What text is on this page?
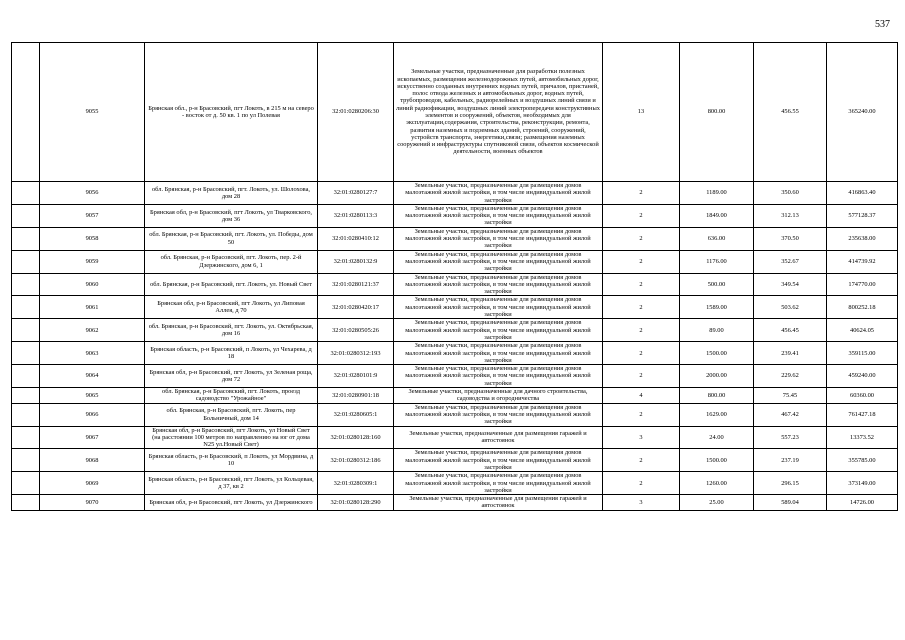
537
	9055	Брянская обл., р-н Брасовский, пгт Локоть, в 215 м на северо - восток от д. 50 кв. 1 по ул Полевая	32:01:0280206:30	Земельные участки, предназначенные для разработки полезных ископаемых, размещения железнодорожных путей, автомобильных дорог, искусственно созданных внутренних водных путей, причалов, пристаней, полос отвода железных и автомобильных дорог, водных путей, трубопроводов, кабельных, радиорелейных и воздушных линий связи и линий радиофикации, воздушных линий электропередачи конструктивных элементов и сооружений, объектов, необходимых для эксплуатации,содержания, строительства, реконструкции, ремонта, развития наземных и подземных зданий, строений, сооружений, устройств транспорта, энергетики,связи; размещения наземных сооружений и инфраструктуры спутниковой связи, объектов космической деятельности, военных объектов	13	800.00	456.55	365240.00
	9056	обл. Брянская, р-н Брасовский, пгт. Локоть, ул. Шолохова, дом 28	32:01:0280127:7	Земельные участки, предназначенные для размещения домов малоэтажной жилой застройки, в том числе индивидуальной жилой застройки	2	1189.00	350.60	416863.40
	9057	Брянская обл, р-н Брасовский, пгт Локоть, ул Тварковского, дом 36	32:01:0280113:3	Земельные участки, предназначенные для размещения домов малоэтажной жилой застройки, в том числе индивидуальной жилой застройки	2	1849.00	312.13	577128.37
	9058	обл. Брянская, р-н Брасовский, пгт. Локоть, ул. Победы, дом 50	32:01:0280410:12	Земельные участки, предназначенные для размещения домов малоэтажной жилой застройки, в том числе индивидуальной жилой застройки	2	636.00	370.50	235638.00
	9059	обл. Брянская, р-н Брасовский, пгт. Локоть, пер. 2-й Дзержинского, дом 6, 1	32:01:0280132:9	Земельные участки, предназначенные для размещения домов малоэтажной жилой застройки, в том числе индивидуальной жилой застройки	2	1176.00	352.67	414739.92
	9060	обл. Брянская, р-н Брасовский, пгт. Локоть, ул. Новый Свет	32:01:0280121:37	Земельные участки, предназначенные для размещения домов малоэтажной жилой застройки, в том числе индивидуальной жилой застройки	2	500.00	349.54	174770.00
	9061	Брянская обл, р-н Брасовский, пгт Локоть, ул Липовая Аллея, д 70	32:01:0280420:17	Земельные участки, предназначенные для размещения домов малоэтажной жилой застройки, в том числе индивидуальной жилой застройки	2	1589.00	503.62	800252.18
	9062	обл. Брянская, р-н Брасовский, пгт. Локоть, ул. Октябрьская, дом 16	32:01:0280505:26	Земельные участки, предназначенные для размещения домов малоэтажной жилой застройки, в том числе индивидуальной жилой застройки	2	89.00	456.45	40624.05
	9063	Брянская область, р-н Брасовский, п Локоть, ул Чехарева, д 18	32:01:0280312:193	Земельные участки, предназначенные для размещения домов малоэтажной жилой застройки, в том числе индивидуальной жилой застройки	2	1500.00	239.41	359115.00
	9064	Брянская обл, р-н Брасовский, пгт Локоть, ул Зеленая роща, дом 72	32:01:0280101:9	Земельные участки, предназначенные для размещения домов малоэтажной жилой застройки, в том числе индивидуальной жилой застройки	2	2000.00	229.62	459240.00
	9065	обл. Брянская, р-н Брасовский, пгт. Локоть, проезд садоводство "Урожайное"	32:01:0280901:18	Земельные участки, предназначенные для дачного строительства, садоводства и огородничества	4	800.00	75.45	60360.00
	9066	обл. Брянская, р-н Брасовский, пгт. Локоть, пер Больничный, дом 14	32:01:0280605:1	Земельные участки, предназначенные для размещения домов малоэтажной жилой застройки, в том числе индивидуальной жилой застройки	2	1629.00	467.42	761427.18
	9067	Брянская обл, р-н Брасовский, пгт Локоть, ул Новый Свет (на расстоянии 100 метров по направлению на юг от дома N25 ул.Новый Свет)	32:01:0280128:160	Земельные участки, предназначенные для размещения гаражей и автостоянок	3	24.00	557.23	13373.52
	9068	Брянская область, р-н Брасовский, п Локоть, ул Мордвина, д 10	32:01:0280312:186	Земельные участки, предназначенные для размещения домов малоэтажной жилой застройки, в том числе индивидуальной жилой застройки	2	1500.00	237.19	355785.00
	9069	Брянская область, р-н Брасовский, пгт Локоть, ул Кольцевая, д 37, кв 2	32:01:0280309:1	Земельные участки, предназначенные для размещения домов малоэтажной жилой застройки, в том числе индивидуальной жилой застройки	2	1260.00	296.15	373149.00
	9070	Брянская обл, р-н Брасовский, пгт Локоть, ул Дзержинского	32:01:0280128:290	Земельные участки, предназначенные для размещения гаражей и автостоянок	3	25.00	589.04	14726.00
